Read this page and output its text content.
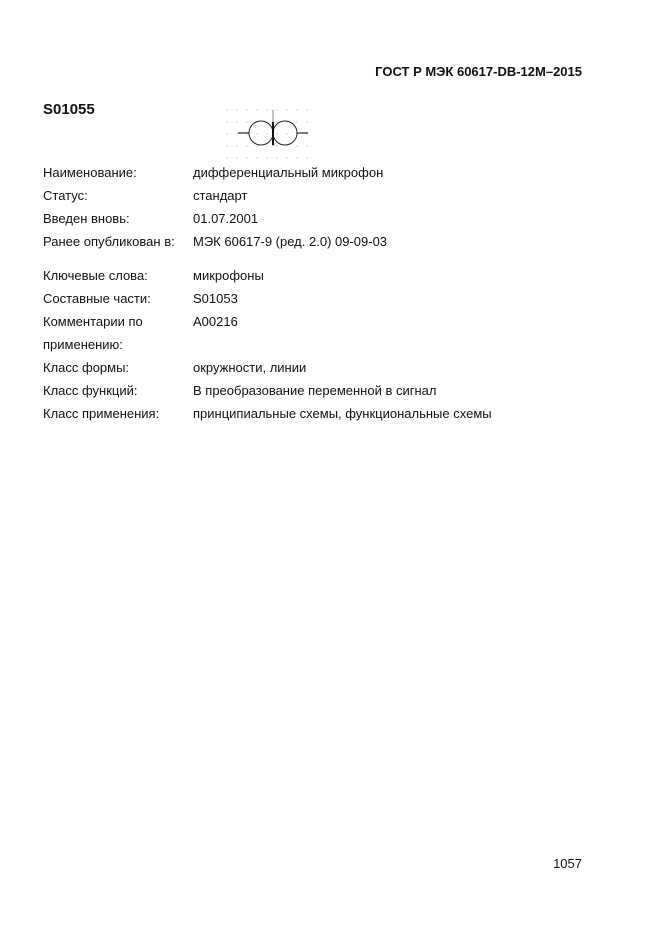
ГОСТ Р МЭК 60617-DB-12M–2015
S01055
Наименование:	дифференциальный микрофон
Статус:	стандарт
Введен вновь:	01.07.2001
Ранее опубликован в: МЭК 60617-9 (ред. 2.0) 09-09-03
Ключевые слова:	микрофоны
Составные части:	S01053
Комментарии по	A00216
применению:
Класс формы:	окружности, линии
Класс функций:	В преобразование переменной в сигнал
Класс применения:	принципиальные схемы, функциональные схемы
1057
